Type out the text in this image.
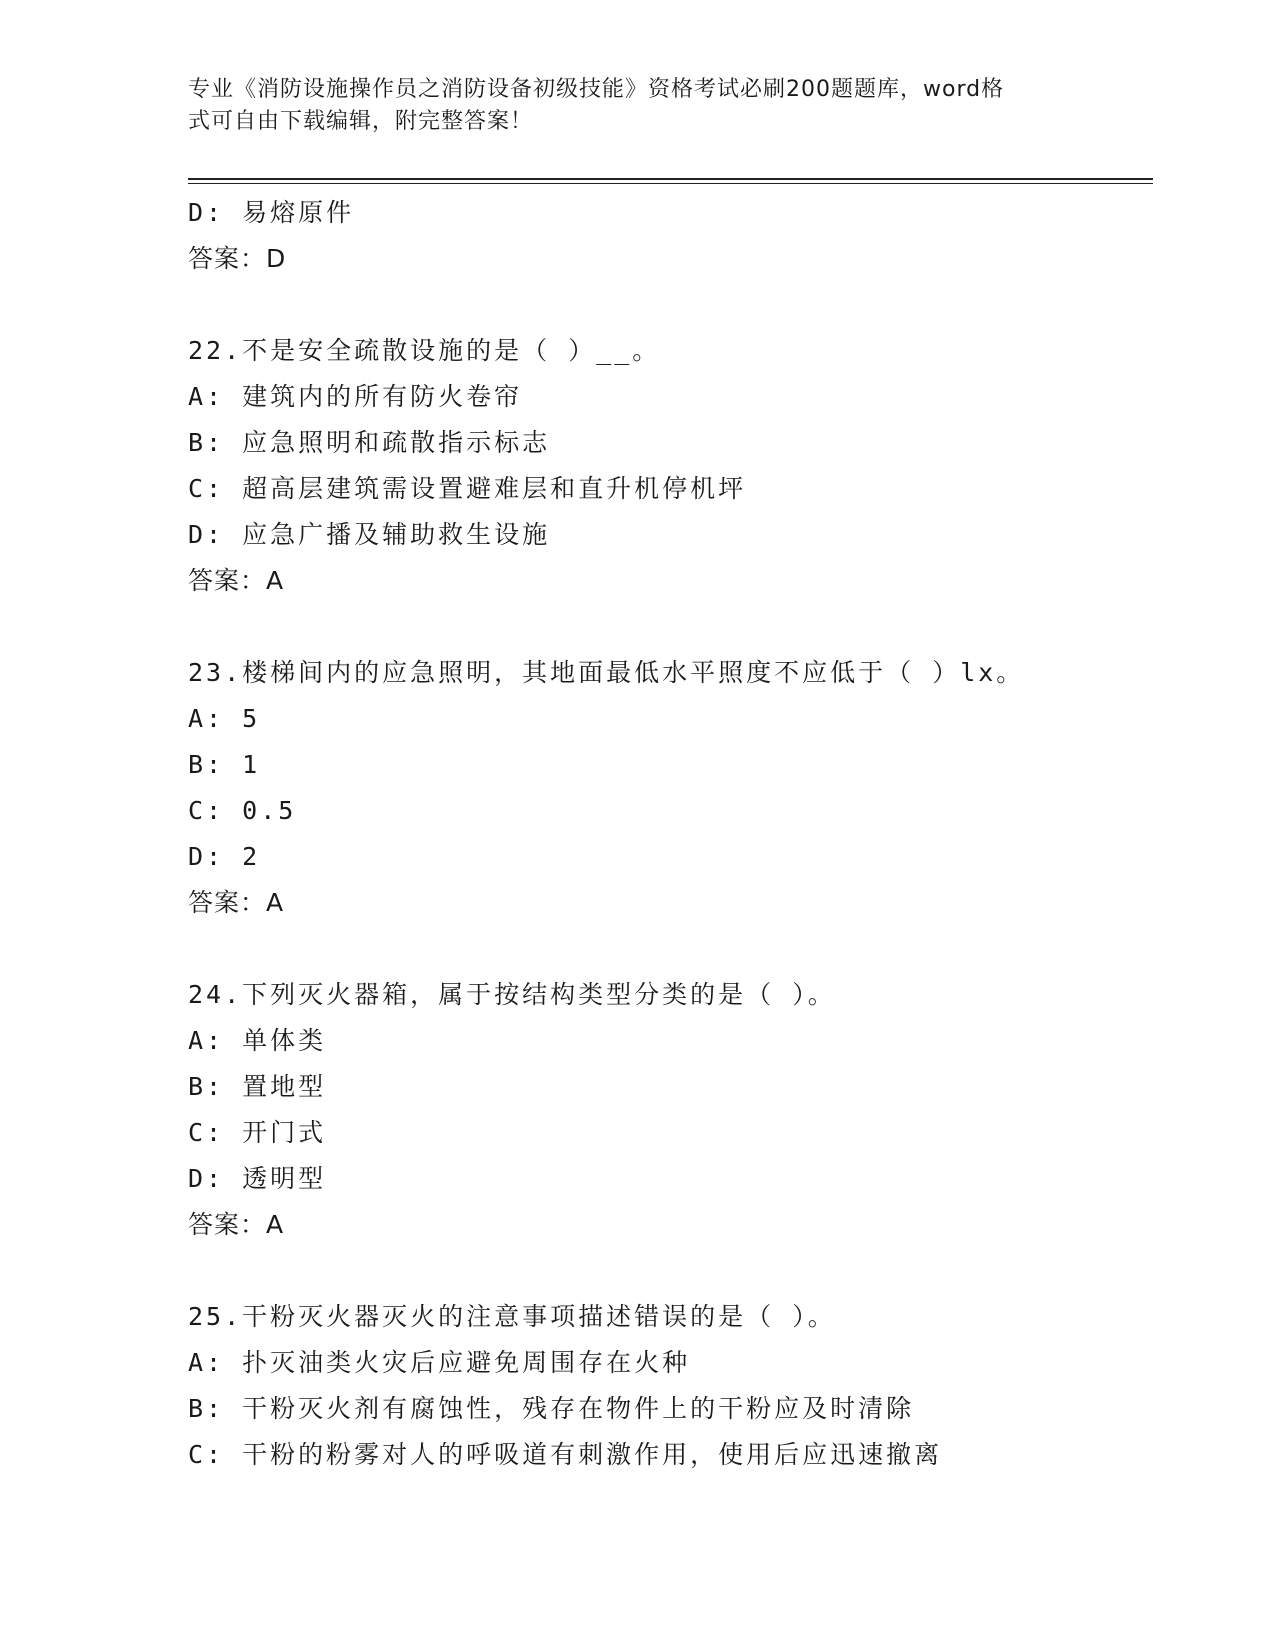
专业《消防设施操作员之消防设备初级技能》资格考试必刷200题题库，word格
式可自由下载编辑，附完整答案！
D: 易熔原件
答案：D
22.不是安全疏散设施的是（ ）__。
A: 建筑内的所有防火卷帘
B: 应急照明和疏散指示标志
C: 超高层建筑需设置避难层和直升机停机坪
D: 应急广播及辅助救生设施
答案：A
23.楼梯间内的应急照明，其地面最低水平照度不应低于（ ）lx。
A: 5
B: 1
C: 0.5
D: 2
答案：A
24.下列灭火器箱，属于按结构类型分类的是（ ）。
A: 单体类
B: 置地型
C: 开门式
D: 透明型
答案：A
25.干粉灭火器灭火的注意事项描述错误的是（ ）。
A: 扑灭油类火灾后应避免周围存在火种
B: 干粉灭火剂有腐蚀性，残存在物件上的干粉应及时清除
C: 干粉的粉雾对人的呼吸道有刺激作用，使用后应迅速撤离
